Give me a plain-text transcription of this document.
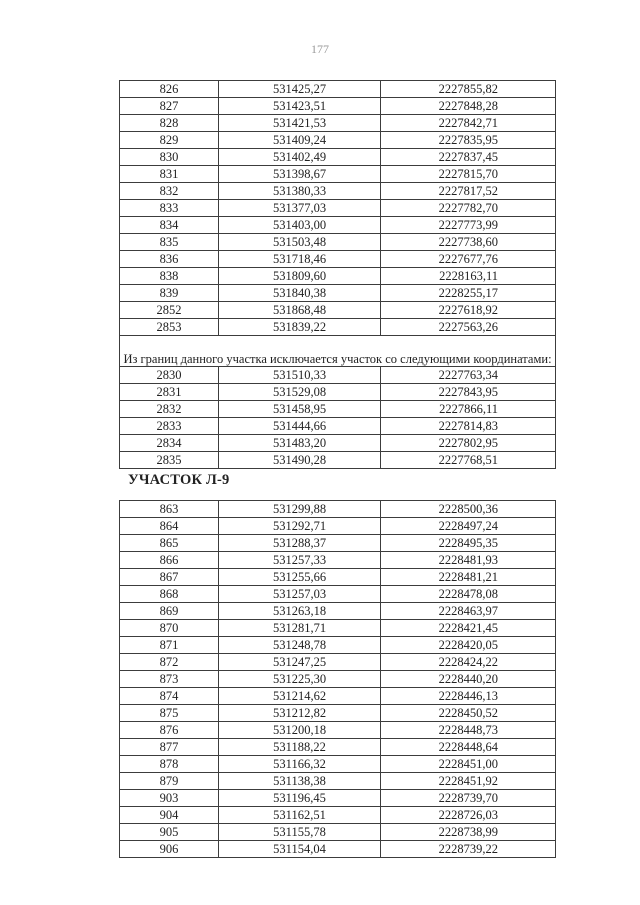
177
826	531425,27	2227855,82
827	531423,51	2227848,28
828	531421,53	2227842,71
829	531409,24	2227835,95
830	531402,49	2227837,45
831	531398,67	2227815,70
832	531380,33	2227817,52
833	531377,03	2227782,70
834	531403,00	2227773,99
835	531503,48	2227738,60
836	531718,46	2227677,76
838	531809,60	2228163,11
839	531840,38	2228255,17
2852	531868,48	2227618,92
2853	531839,22	2227563,26

Из границ данного участка исключается участок со следующими координатами:		
2830	531510,33	2227763,34
2831	531529,08	2227843,95
2832	531458,95	2227866,11
2833	531444,66	2227814,83
2834	531483,20	2227802,95
2835	531490,28	2227768,51
УЧАСТОК Л-9
863	531299,88	2228500,36
864	531292,71	2228497,24
865	531288,37	2228495,35
866	531257,33	2228481,93
867	531255,66	2228481,21
868	531257,03	2228478,08
869	531263,18	2228463,97
870	531281,71	2228421,45
871	531248,78	2228420,05
872	531247,25	2228424,22
873	531225,30	2228440,20
874	531214,62	2228446,13
875	531212,82	2228450,52
876	531200,18	2228448,73
877	531188,22	2228448,64
878	531166,32	2228451,00
879	531138,38	2228451,92
903	531196,45	2228739,70
904	531162,51	2228726,03
905	531155,78	2228738,99
906	531154,04	2228739,22
